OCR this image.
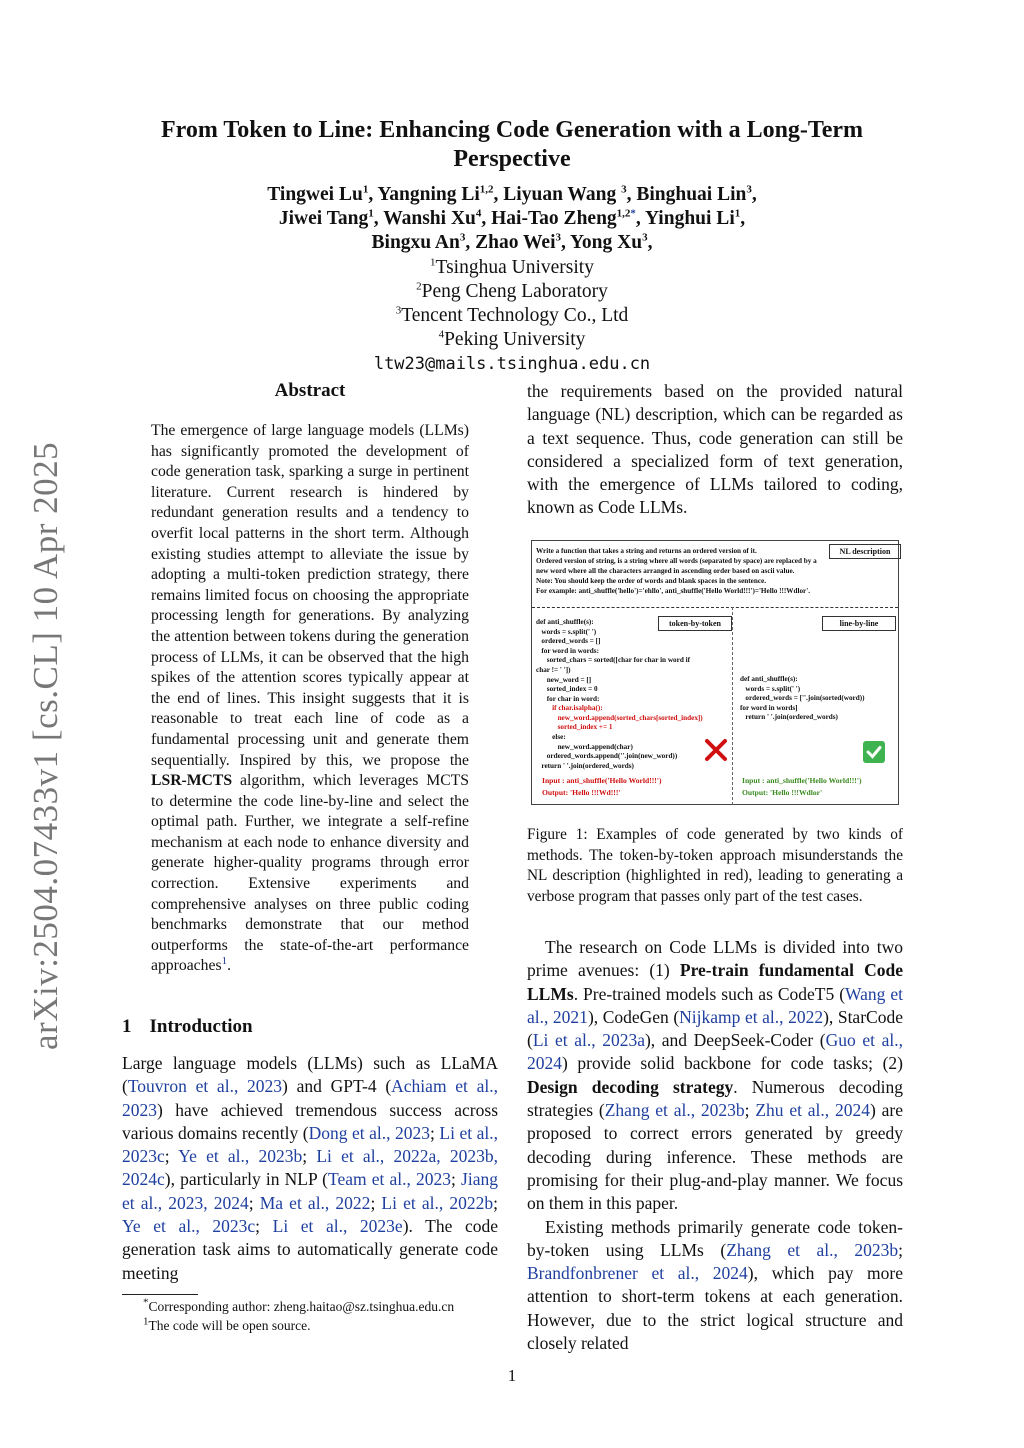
arXiv:2504.07433v1 [cs.CL] 10 Apr 2025
From Token to Line: Enhancing Code Generation with a Long-Term
Perspective
Tingwei Lu$^1$, Yangning Li$^{1,2}$, Liyuan Wang $^3$, Binghuai Lin$^3$,
Jiwei Tang$^1$, Wanshi Xu$^4$, Hai-Tao Zheng$^{1,2*}$, Yinghui Li$^1$,
Bingxu An$^3$, Zhao Wei$^3$, Yong Xu$^3$,
$^1$Tsinghua University
$^2$Peng Cheng Laboratory
$^3$Tencent Technology Co., Ltd
$^4$Peking University
ltw23@mails.tsinghua.edu.cn
Abstract
The emergence of large language models (LLMs) has significantly promoted the development of code generation task, sparking a surge in pertinent literature. Current research is hindered by redundant generation results and a tendency to overfit local patterns in the short term. Although existing studies attempt to alleviate the issue by adopting a multi-token prediction strategy, there remains limited focus on choosing the appropriate processing length for generations. By analyzing the attention between tokens during the generation process of LLMs, it can be observed that the high spikes of the attention scores typically appear at the end of lines. This insight suggests that it is reasonable to treat each line of code as a fundamental processing unit and generate them sequentially. Inspired by this, we propose the LSR-MCTS algorithm, which leverages MCTS to determine the code line-by-line and select the optimal path. Further, we integrate a self-refine mechanism at each node to enhance diversity and generate higher-quality programs through error correction. Extensive experiments and comprehensive analyses on three public coding benchmarks demonstrate that our method outperforms the state-of-the-art performance approaches$^1$.
1 Introduction
Large language models (LLMs) such as LLaMA (Touvron et al., 2023) and GPT-4 (Achiam et al., 2023) have achieved tremendous success across various domains recently (Dong et al., 2023; Li et al., 2023c; Ye et al., 2023b; Li et al., 2022a, 2023b, 2024c), particularly in NLP (Team et al., 2023; Jiang et al., 2023, 2024; Ma et al., 2022; Li et al., 2022b; Ye et al., 2023c; Li et al., 2023e). The code generation task aims to automatically generate code meeting
*Corresponding author: zheng.haitao@sz.tsinghua.edu.cn
$^1$The code will be open source.
the requirements based on the provided natural language (NL) description, which can be regarded as a text sequence. Thus, code generation can still be considered a specialized form of text generation, with the emergence of LLMs tailored to coding, known as Code LLMs.
Write a function that takes a string and returns an ordered version of it.
Ordered version of string, is a string where all words (separated by space) are replaced by a new word where all the characters arranged in ascending order based on ascii value.
Note: You should keep the order of words and blank spaces in the sentence.
For example: anti_shuffle('hello')='ehllo', anti_shuffle('Hello World!!!')='Hello !!!Wdlor'.
NL description
token-by-token	line-by-line
def anti_shuffle(s):
words = s.split(' ')
ordered_words = []
for word in words:
sorted_chars = sorted([char for char in word if
char != ' '])
new_word = []
sorted_index = 0
for char in word:
if char.isalpha():
new_word.append(sorted_chars[sorted_index])
sorted_index += 1
else:
new_word.append(char)
ordered_words.append(''.join(new_word))
return ' '.join(ordered_words)
def anti_shuffle(s):
words = s.split(' ')
ordered_words = [''.join(sorted(word))
for word in words]
return ' '.join(ordered_words)
Input : anti_shuffle('Hello World!!!')
Output: 'Hello !!!Wd!!!'
Input : anti_shuffle('Hello World!!!')
Output: 'Hello !!!Wdlor'
Figure 1: Examples of code generated by two kinds of methods. The token-by-token approach misunderstands the NL description (highlighted in red), leading to generating a verbose program that passes only part of the test cases.

The research on Code LLMs is divided into two prime avenues: (1) Pre-train fundamental Code LLMs. Pre-trained models such as CodeT5 (Wang et al., 2021), CodeGen (Nijkamp et al., 2022), StarCode (Li et al., 2023a), and DeepSeek-Coder (Guo et al., 2024) provide solid backbone for code tasks; (2) Design decoding strategy. Numerous decoding strategies (Zhang et al., 2023b; Zhu et al., 2024) are proposed to correct errors generated by greedy decoding during inference. These methods are promising for their plug-and-play manner. We focus on them in this paper.

Existing methods primarily generate code token-by-token using LLMs (Zhang et al., 2023b; Brandfonbrener et al., 2024), which pay more attention to short-term tokens at each generation. However, due to the strict logical structure and closely related

1
